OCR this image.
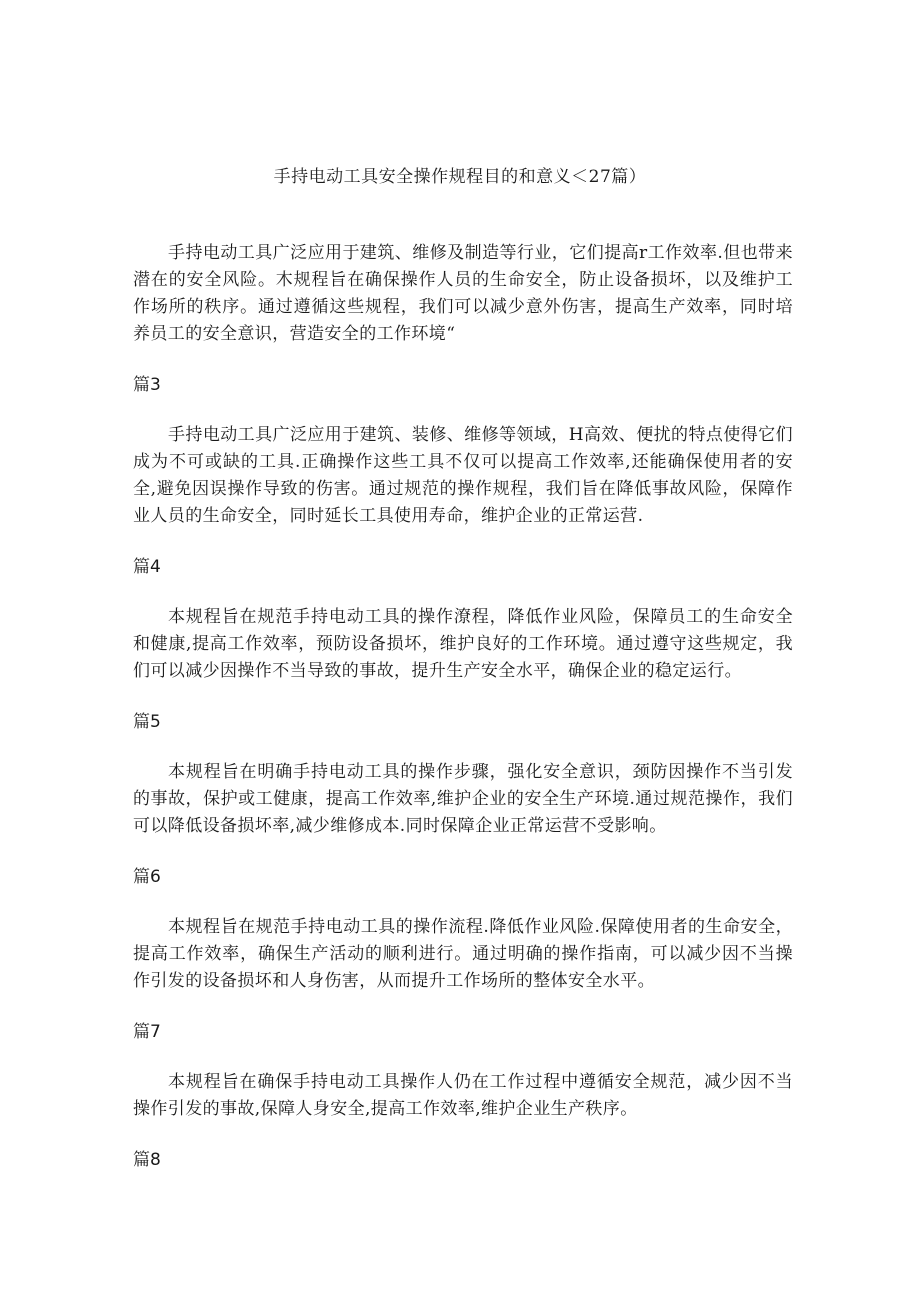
手持电动工具安全操作规程目的和意义＜27篇）

手持电动工具广泛应用于建筑、维修及制造等行业，它们提高r工作效率.但也带来潜在的安全风险。木规程旨在确保操作人员的生命安全，防止设备损坏，以及维护工作场所的秩序。通过遵循这些规程，我们可以减少意外伤害，提高生产效率，同时培养员工的安全意识，营造安全的工作环境“

篇3

手持电动工具广泛应用于建筑、装修、维修等领域，H高效、便扰的特点使得它们成为不可或缺的工具.正确操作这些工具不仅可以提高工作效率,还能确保使用者的安全,避免因误操作导致的伤害。通过规范的操作规程，我们旨在降低事故风险，保障作业人员的生命安全，同时延长工具使用寿命，维护企业的正常运营.

篇4

本规程旨在规范手持电动工具的操作潦程，降低作业风险，保障员工的生命安全和健康,提高工作效率，预防设备损坏，维护良好的工作环境。通过遵守这些规定，我们可以减少因操作不当导致的事故，提升生产安全水平，确保企业的稳定运行。

篇5

本规程旨在明确手持电动工具的操作步骤，强化安全意识，颈防因操作不当引发的事故，保护或工健康，提高工作效率,维护企业的安全生产环境.通过规范操作，我们可以降低设备损坏率,减少维修成本.同时保障企业正常运营不受影响。

篇6

本规程旨在规范手持电动工具的操作流程.降低作业风险.保障使用者的生命安全，提高工作效率，确保生产活动的顺利进行。通过明确的操作指南，可以减少因不当操作引发的设备损坏和人身伤害，从而提升工作场所的整体安全水平。

篇7

本规程旨在确保手持电动工具操作人仍在工作过程中遵循安全规范，减少因不当操作引发的事故,保障人身安全,提高工作效率,维护企业生产秩序。

篇8
